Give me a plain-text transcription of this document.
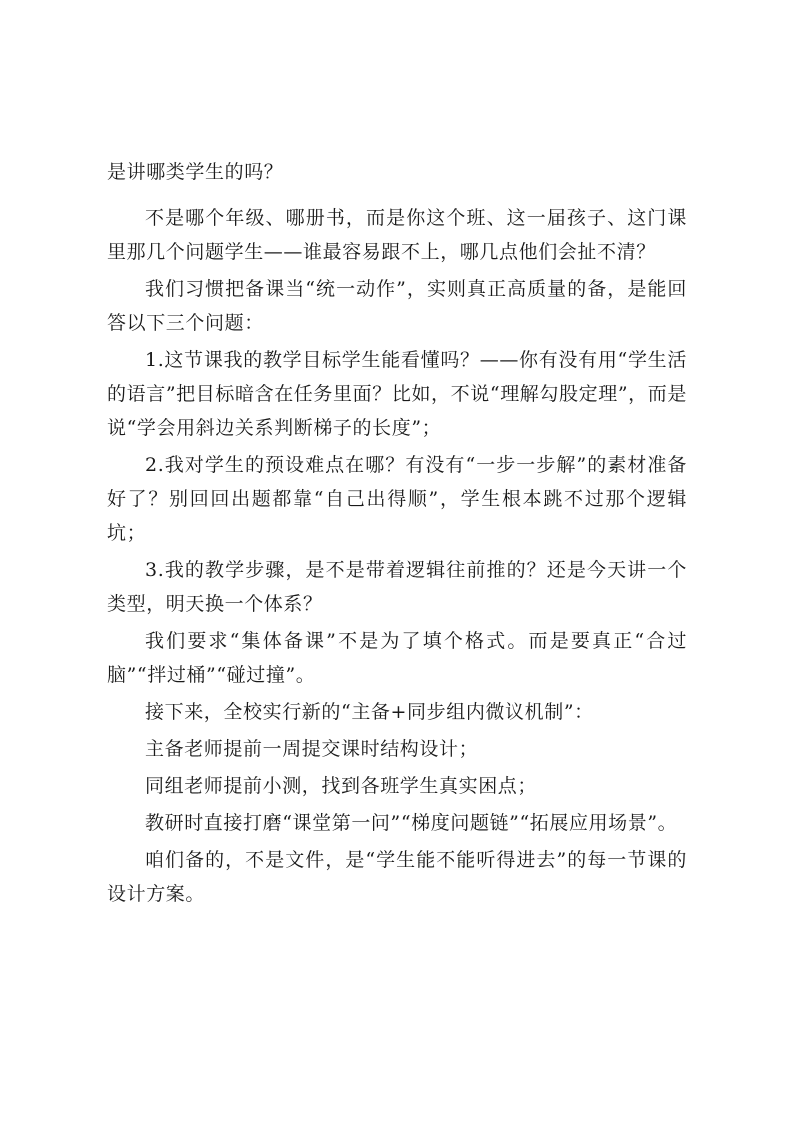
是讲哪类学生的吗？

不是哪个年级、哪册书，而是你这个班、这一届孩子、这门课里那几个问题学生——谁最容易跟不上，哪几点他们会扯不清？

我们习惯把备课当“统一动作”，实则真正高质量的备，是能回答以下三个问题：

1.这节课我的教学目标学生能看懂吗？——你有没有用“学生活的语言”把目标暗含在任务里面？比如，不说“理解勾股定理”，而是说“学会用斜边关系判断梯子的长度”；

2.我对学生的预设难点在哪？有没有“一步一步解”的素材准备好了？别回回出题都靠“自己出得顺”，学生根本跳不过那个逻辑坑；

3.我的教学步骤，是不是带着逻辑往前推的？还是今天讲一个类型，明天换一个体系？

我们要求“集体备课”不是为了填个格式。而是要真正“合过脑”“拌过桶”“碰过撞”。

接下来，全校实行新的“主备+同步组内微议机制”：

主备老师提前一周提交课时结构设计；

同组老师提前小测，找到各班学生真实困点；

教研时直接打磨“课堂第一问”“梯度问题链”“拓展应用场景”。

咱们备的，不是文件，是“学生能不能听得进去”的每一节课的设计方案。
